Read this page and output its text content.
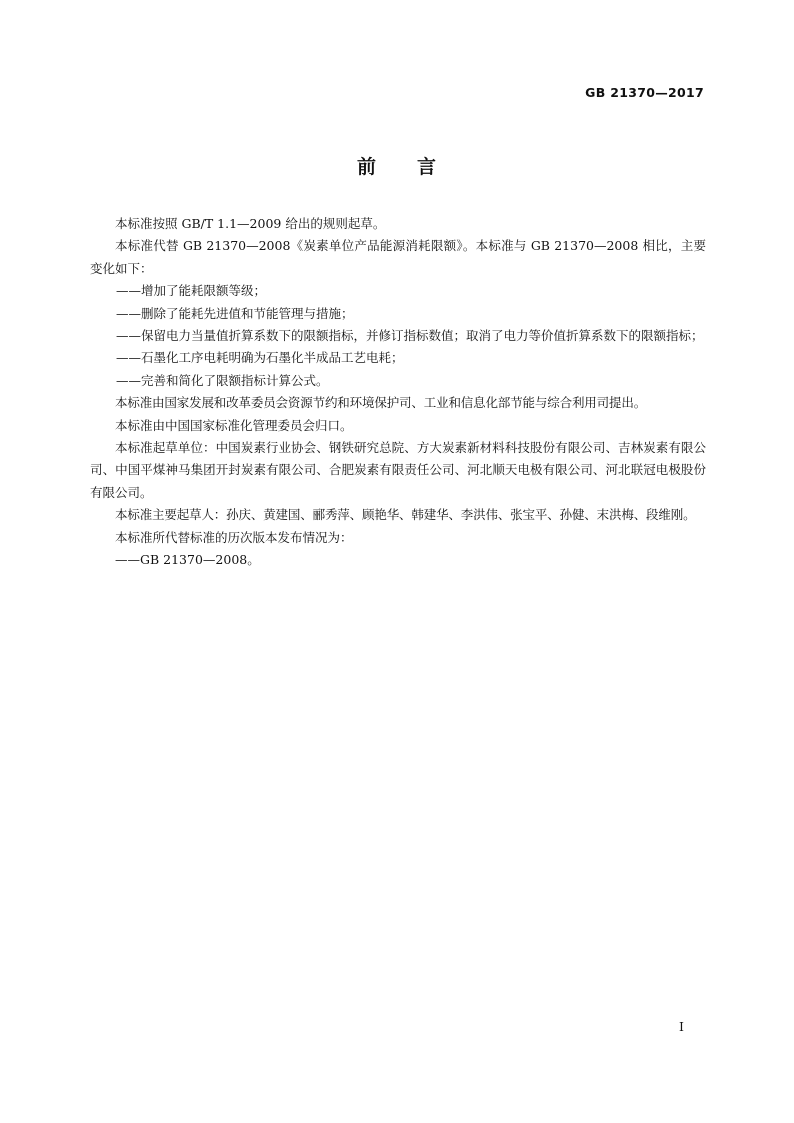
GB 21370—2017
前 言

本标准按照 GB/T 1.1—2009 给出的规则起草。

本标准代替 GB 21370—2008《炭素单位产品能源消耗限额》。本标准与 GB 21370—2008 相比，主要变化如下：

——增加了能耗限额等级；

——删除了能耗先进值和节能管理与措施；

——保留电力当量值折算系数下的限额指标，并修订指标数值；取消了电力等价值折算系数下的限额指标；

——石墨化工序电耗明确为石墨化半成品工艺电耗；

——完善和简化了限额指标计算公式。

本标准由国家发展和改革委员会资源节约和环境保护司、工业和信息化部节能与综合利用司提出。

本标准由中国国家标准化管理委员会归口。

本标准起草单位：中国炭素行业协会、钢铁研究总院、方大炭素新材料科技股份有限公司、吉林炭素有限公司、中国平煤神马集团开封炭素有限公司、合肥炭素有限责任公司、河北顺天电极有限公司、河北联冠电极股份有限公司。

本标准主要起草人：孙庆、黄建国、郦秀萍、顾艳华、韩建华、李洪伟、张宝平、孙健、末洪梅、段维刚。

本标准所代替标准的历次版本发布情况为：

——GB 21370—2008。

I
